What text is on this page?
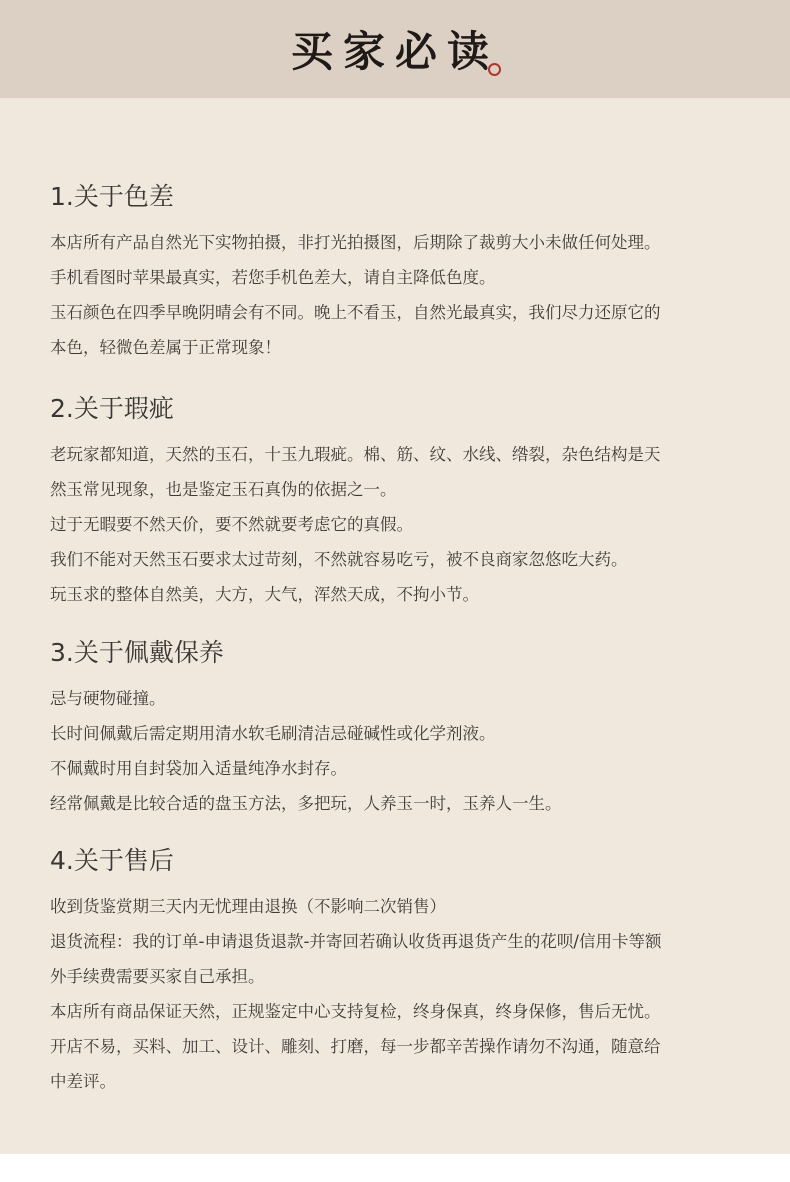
买家必读
1.关于色差

本店所有产品自然光下实物拍摄，非打光拍摄图，后期除了裁剪大小未做任何处理。

手机看图时苹果最真实，若您手机色差大，请自主降低色度。

玉石颜色在四季早晚阴晴会有不同。晚上不看玉，自然光最真实，我们尽力还原它的

本色，轻微色差属于正常现象！

2.关于瑕疵

老玩家都知道，天然的玉石，十玉九瑕疵。棉、筋、纹、水线、绺裂，杂色结构是天

然玉常见现象，也是鉴定玉石真伪的依据之一。

过于无暇要不然天价，要不然就要考虑它的真假。

我们不能对天然玉石要求太过苛刻，不然就容易吃亏，被不良商家忽悠吃大药。

玩玉求的整体自然美，大方，大气，浑然天成，不拘小节。

3.关于佩戴保养

忌与硬物碰撞。

长时间佩戴后需定期用清水软毛刷清洁忌碰碱性或化学剂液。

不佩戴时用自封袋加入适量纯净水封存。

经常佩戴是比较合适的盘玉方法，多把玩，人养玉一时，玉养人一生。

4.关于售后

收到货鉴赏期三天内无忧理由退换（不影响二次销售）

退货流程：我的订单-申请退货退款-并寄回若确认收货再退货产生的花呗/信用卡等额

外手续费需要买家自己承担。

本店所有商品保证天然，正规鉴定中心支持复检，终身保真，终身保修，售后无忧。

开店不易，买料、加工、设计、雕刻、打磨，每一步都辛苦操作请勿不沟通，随意给

中差评。
